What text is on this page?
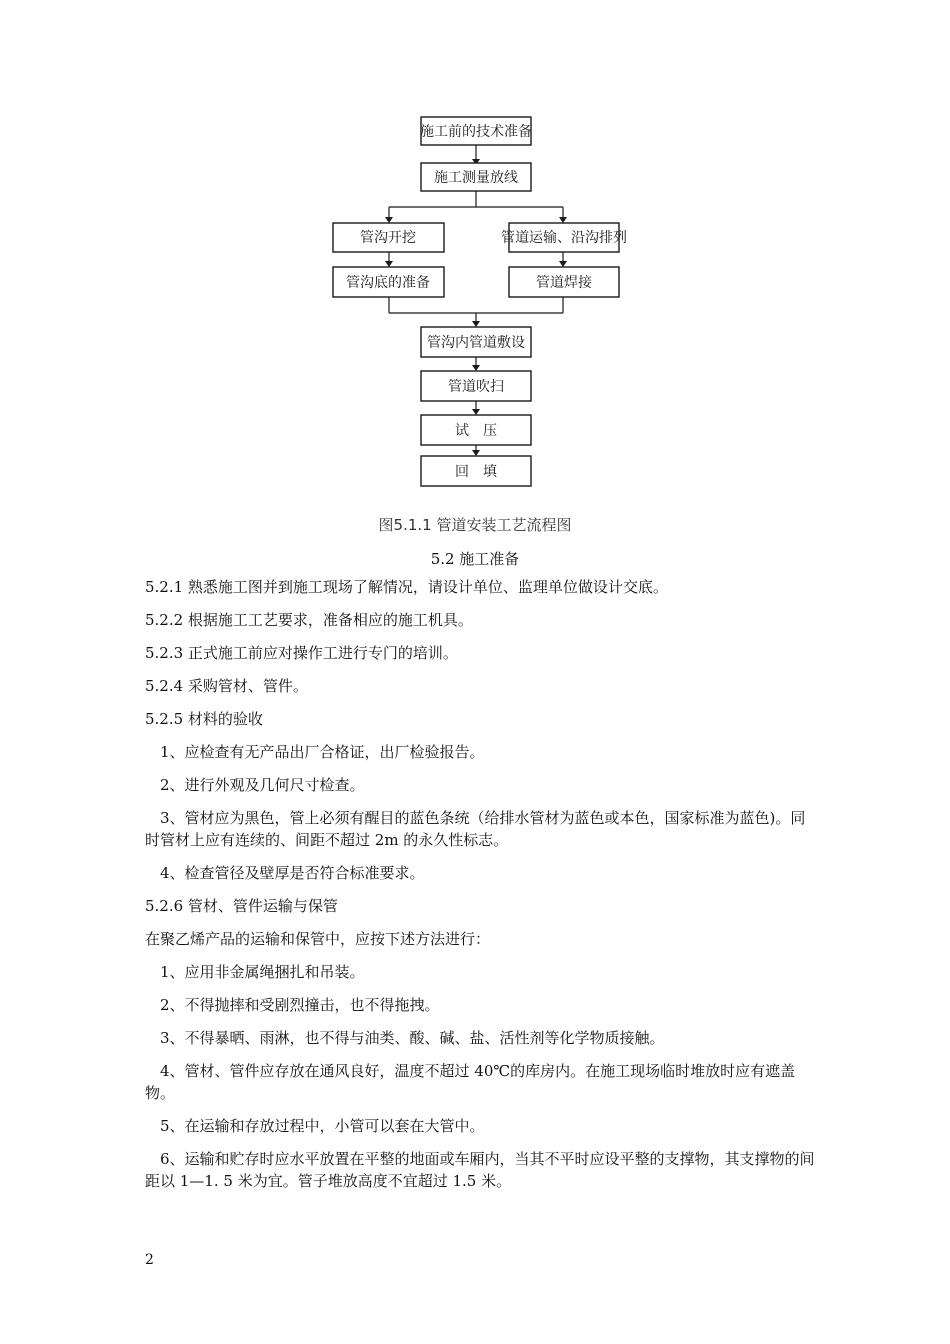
施工前的技术准备
施工测量放线
管沟开挖
管沟底的准备
管道运输、沿沟排列
管道焊接
管沟内管道敷设
管道吹扫
试　压
回　填
图5.1.1 管道安装工艺流程图
5.2 施工准备

5.2.1 熟悉施工图并到施工现场了解情况，请设计单位、监理单位做设计交底。

5.2.2 根据施工工艺要求，准备相应的施工机具。

5.2.3 正式施工前应对操作工进行专门的培训。

5.2.4 采购管材、管件。

5.2.5 材料的验收

1、应检查有无产品出厂合格证，出厂检验报告。

2、进行外观及几何尺寸检查。

3、管材应为黑色，管上必须有醒目的蓝色条统（给排水管材为蓝色或本色，国家标准为蓝色)。同时管材上应有连续的、间距不超过 2m 的永久性标志。

4、检查管径及壁厚是否符合标准要求。

5.2.6 管材、管件运输与保管

在聚乙烯产品的运输和保管中，应按下述方法进行：

1、应用非金属绳捆扎和吊装。

2、不得抛摔和受剧烈撞击，也不得拖拽。

3、不得暴晒、雨淋，也不得与油类、酸、碱、盐、活性剂等化学物质接触。

4、管材、管件应存放在通风良好，温度不超过 40℃的库房内。在施工现场临时堆放时应有遮盖物。

5、在运输和存放过程中，小管可以套在大管中。

6、运输和贮存时应水平放置在平整的地面或车厢内，当其不平时应设平整的支撑物，其支撑物的间距以 1—1. 5 米为宜。管子堆放高度不宜超过 1.5 米。

2
